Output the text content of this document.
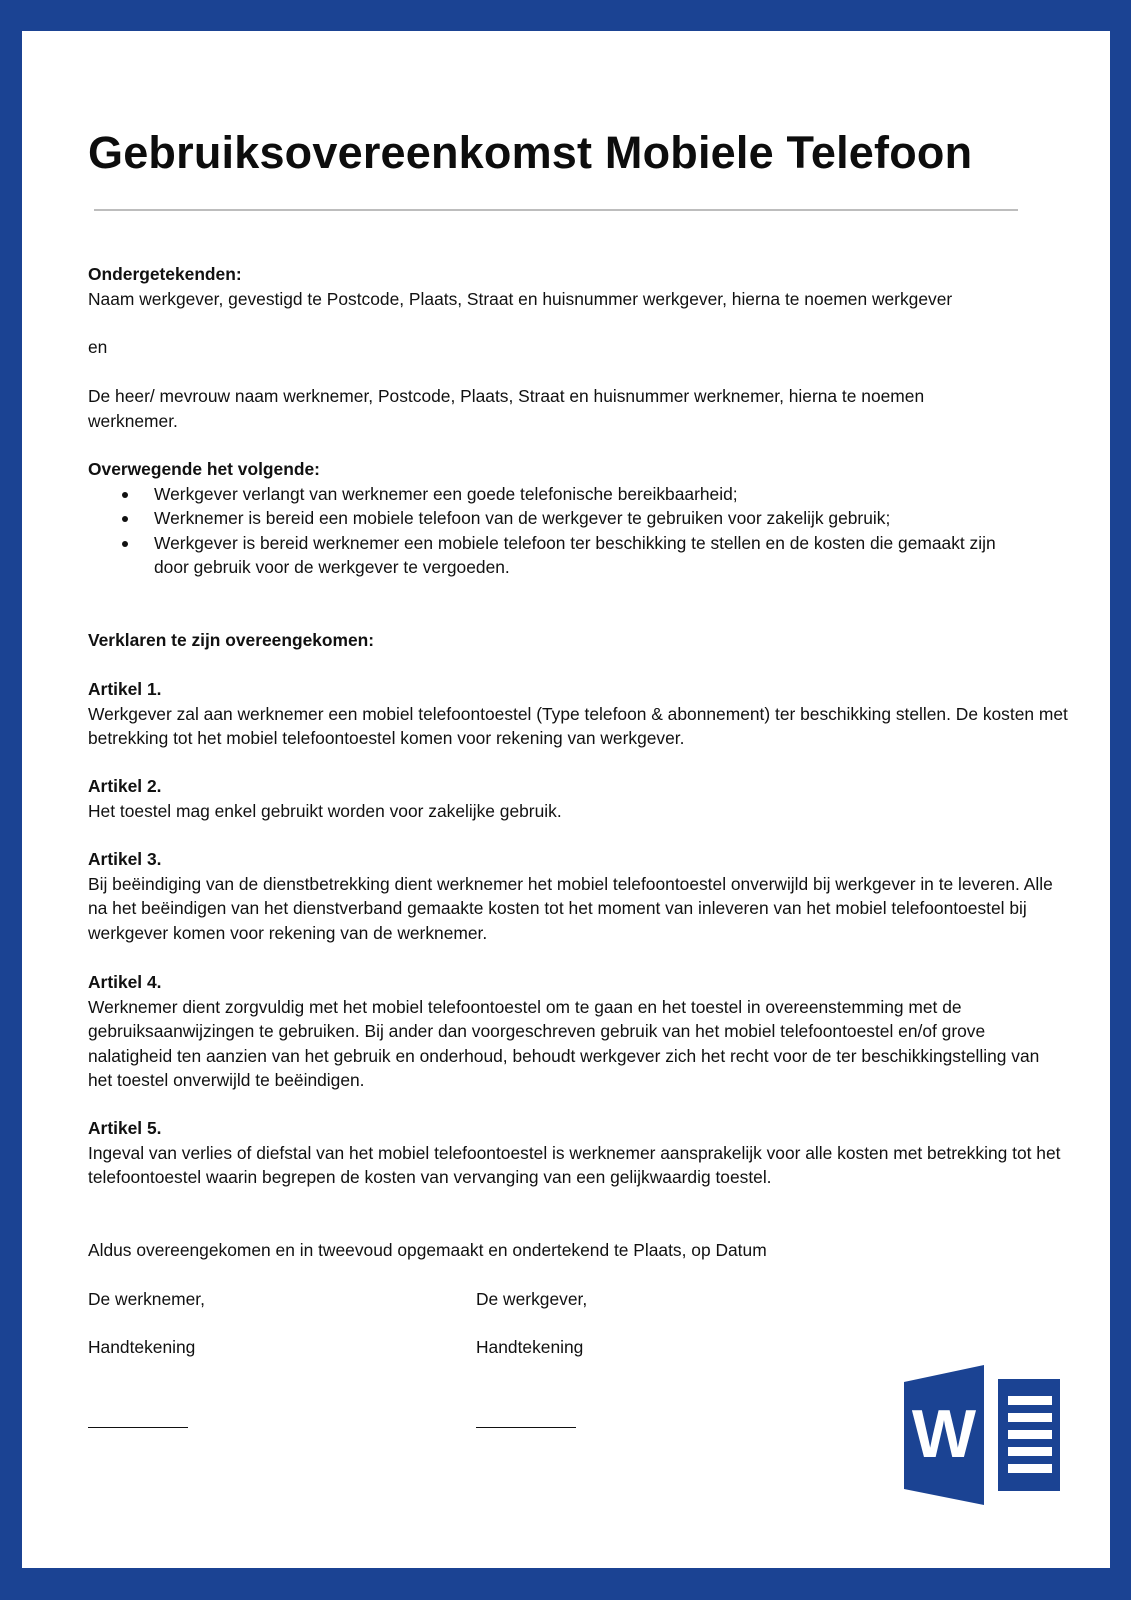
Gebruiksovereenkomst Mobiele Telefoon
Ondergetekenden:
Naam werkgever, gevestigd te Postcode, Plaats, Straat en huisnummer werkgever, hierna te noemen werkgever
en
De heer/ mevrouw naam werknemer, Postcode, Plaats, Straat en huisnummer werknemer, hierna te noemen werknemer.
Overwegende het volgende:
Werkgever verlangt van werknemer een goede telefonische bereikbaarheid;
Werknemer is bereid een mobiele telefoon van de werkgever te gebruiken voor zakelijk gebruik;
Werkgever is bereid werknemer een mobiele telefoon ter beschikking te stellen en de kosten die gemaakt zijn door gebruik voor de werkgever te vergoeden.
Verklaren te zijn overeengekomen:
Artikel 1.
Werkgever zal aan werknemer een mobiel telefoontoestel (Type telefoon & abonnement) ter beschikking stellen. De kosten met betrekking tot het mobiel telefoontoestel komen voor rekening van werkgever.
Artikel 2.
Het toestel mag enkel gebruikt worden voor zakelijke gebruik.
Artikel 3.
Bij beëindiging van de dienstbetrekking dient werknemer het mobiel telefoontoestel onverwijld bij werkgever in te leveren. Alle na het beëindigen van het dienstverband gemaakte kosten tot het moment van inleveren van het mobiel telefoontoestel bij werkgever komen voor rekening van de werknemer.
Artikel 4.
Werknemer dient zorgvuldig met het mobiel telefoontoestel om te gaan en het toestel in overeenstemming met de gebruiksaanwijzingen te gebruiken. Bij ander dan voorgeschreven gebruik van het mobiel telefoontoestel en/of grove nalatigheid ten aanzien van het gebruik en onderhoud, behoudt werkgever zich het recht voor de ter beschikkingstelling van het toestel onverwijld te beëindigen.
Artikel 5.
Ingeval van verlies of diefstal van het mobiel telefoontoestel is werknemer aansprakelijk voor alle kosten met betrekking tot het telefoontoestel waarin begrepen de kosten van vervanging van een gelijkwaardig toestel.
Aldus overeengekomen en in tweevoud opgemaakt en ondertekend te Plaats, op Datum
De werknemer,	De werkgever,
Handtekening	Handtekening
W
